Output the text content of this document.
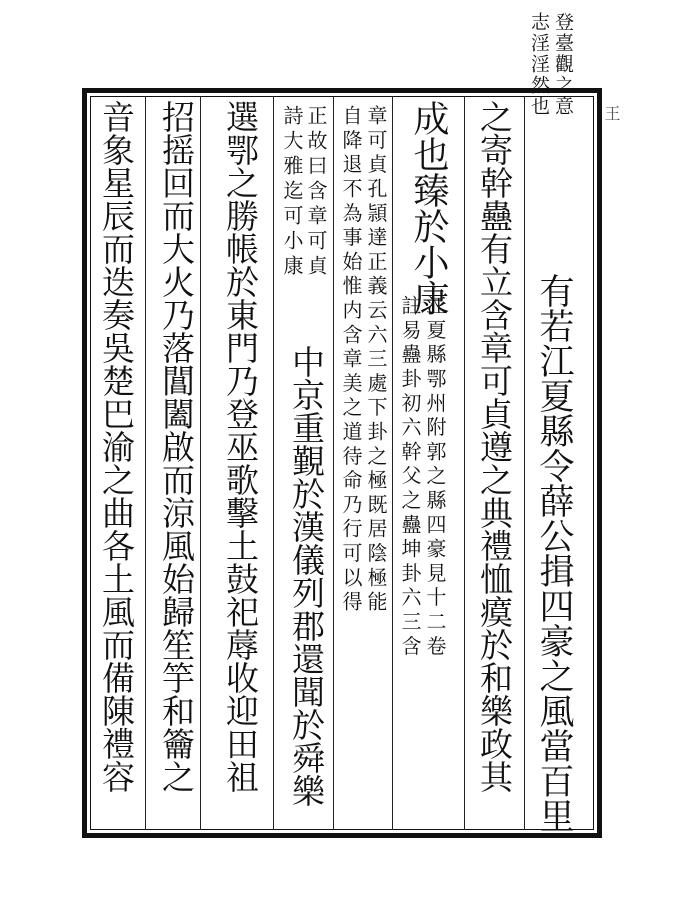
登臺觀之意
志淫淫然也
有若江夏縣令薛公揖四豪之風當百里
之寄幹蠱有立含章可貞遵之典禮恤瘼於和樂政其
江夏縣鄂州附郭之縣四豪見十二卷
註易蠱卦初六幹父之蠱坤卦六三含
成也臻於小康
章可貞孔頴達正義云六三處下卦之極既居陰極能
自降退不為事始惟内含章美之道待命乃行可以得
正故曰含章可貞
詩大雅迄可小康
中京重覲於漢儀列郡還聞於舜樂
選鄂之勝帳於東門乃登巫歌擊土鼓祀蓐收迎田祖
招摇回而大火乃落閶闔啟而涼風始歸笙竽和籥之
音象星辰而迭奏吳楚巴渝之曲各土風而備陳禮容	王
